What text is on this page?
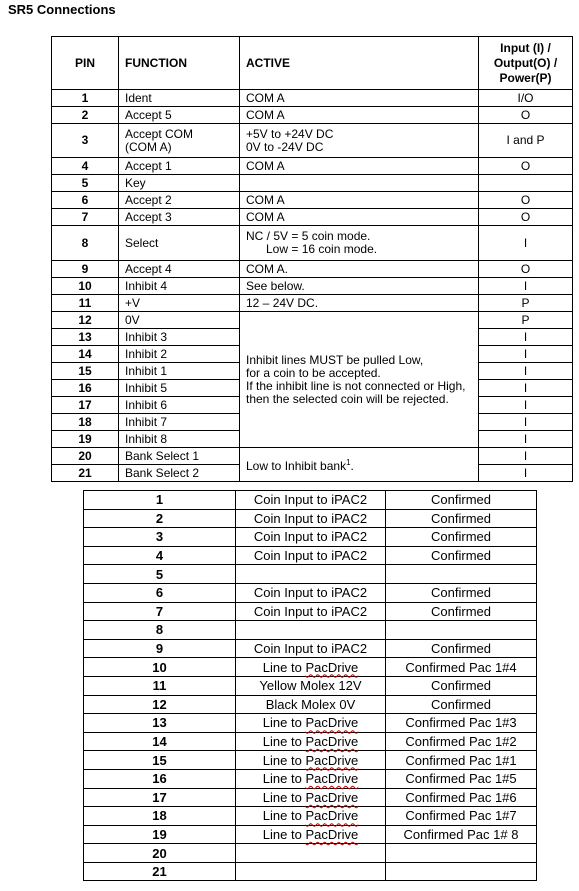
SR5 Connections
PIN	FUNCTION	ACTIVE	Input (I) /
Output(O) /
Power(P)

1	Ident	COM A	I/O
2	Accept 5	COM A	O
3	Accept COM
(COM A)	+5V to +24V DC
0V to -24V DC	I and P
4	Accept 1	COM A	O
5	Key		
6	Accept 2	COM A	O
7	Accept 3	COM A	O
8	Select	NC / 5V = 5 coin mode.
Low = 16 coin mode.	I
9	Accept 4	COM A.	O
10	Inhibit 4	See below.	I
11	+V	12 – 24V DC.	P
12	0V	Inhibit lines MUST be pulled Low,
for a coin to be accepted.
If the inhibit line is not connected or High, then the selected coin will be rejected.	P
13	Inhibit 3		I
14	Inhibit 2		I
15	Inhibit 1		I
16	Inhibit 5		I
17	Inhibit 6		I
18	Inhibit 7		I
19	Inhibit 8		I
20	Bank Select 1	Low to Inhibit bank$^1$.	I
21	Bank Select 2		I
1	Coin Input to iPAC2	Confirmed
2	Coin Input to iPAC2	Confirmed
3	Coin Input to iPAC2	Confirmed
4	Coin Input to iPAC2	Confirmed
5		
6	Coin Input to iPAC2	Confirmed
7	Coin Input to iPAC2	Confirmed
8		
9	Coin Input to iPAC2	Confirmed
10	Line to PacDrive	Confirmed Pac 1#4
11	Yellow Molex 12V	Confirmed
12	Black Molex 0V	Confirmed
13	Line to PacDrive	Confirmed Pac 1#3
14	Line to PacDrive	Confirmed Pac 1#2
15	Line to PacDrive	Confirmed Pac 1#1
16	Line to PacDrive	Confirmed Pac 1#5
17	Line to PacDrive	Confirmed Pac 1#6
18	Line to PacDrive	Confirmed Pac 1#7
19	Line to PacDrive	Confirmed Pac 1# 8
20		
21		
